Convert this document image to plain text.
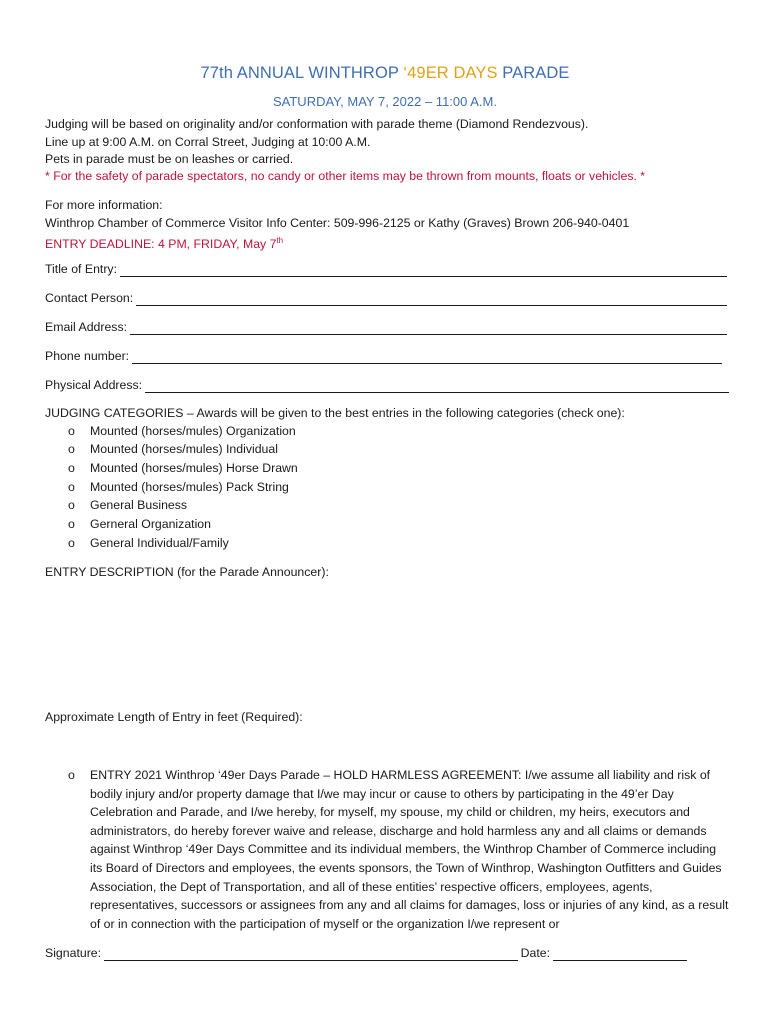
77th ANNUAL WINTHROP ‘49ER DAYS PARADE
SATURDAY, MAY 7, 2022 – 11:00 A.M.
Judging will be based on originality and/or conformation with parade theme (Diamond Rendezvous).
Line up at 9:00 A.M. on Corral Street, Judging at 10:00 A.M.
Pets in parade must be on leashes or carried.
* For the safety of parade spectators, no candy or other items may be thrown from mounts, floats or vehicles. *
For more information:
Winthrop Chamber of Commerce Visitor Info Center: 509-996-2125 or Kathy (Graves) Brown 206-940-0401
ENTRY DEADLINE: 4 PM, FRIDAY, May 7th
Title of Entry:
Contact Person:
Email Address:
Phone number:
Physical Address:
JUDGING CATEGORIES – Awards will be given to the best entries in the following categories (check one):
o Mounted (horses/mules) Organization
o Mounted (horses/mules) Individual
o Mounted (horses/mules) Horse Drawn
o Mounted (horses/mules) Pack String
o General Business
o Gerneral Organization
o General Individual/Family
ENTRY DESCRIPTION (for the Parade Announcer):
Approximate Length of Entry in feet (Required):
o	ENTRY 2021 Winthrop ‘49er Days Parade – HOLD HARMLESS AGREEMENT: I/we assume all liability and risk of bodily injury and/or property damage that I/we may incur or cause to others by participating in the 49’er Day Celebration and Parade, and I/we hereby, for myself, my spouse, my child or children, my heirs, executors and administrators, do hereby forever waive and release, discharge and hold harmless any and all claims or demands against Winthrop ‘49er Days Committee and its individual members, the Winthrop Chamber of Commerce including its Board of Directors and employees, the events sponsors, the Town of Winthrop, Washington Outfitters and Guides Association, the Dept of Transportation, and all of these entities’ respective officers, employees, agents, representatives, successors or assignees from any and all claims for damages, loss or injuries of any kind, as a result of or in connection with the participation of myself or the organization I/we represent or
Signature:	Date:
